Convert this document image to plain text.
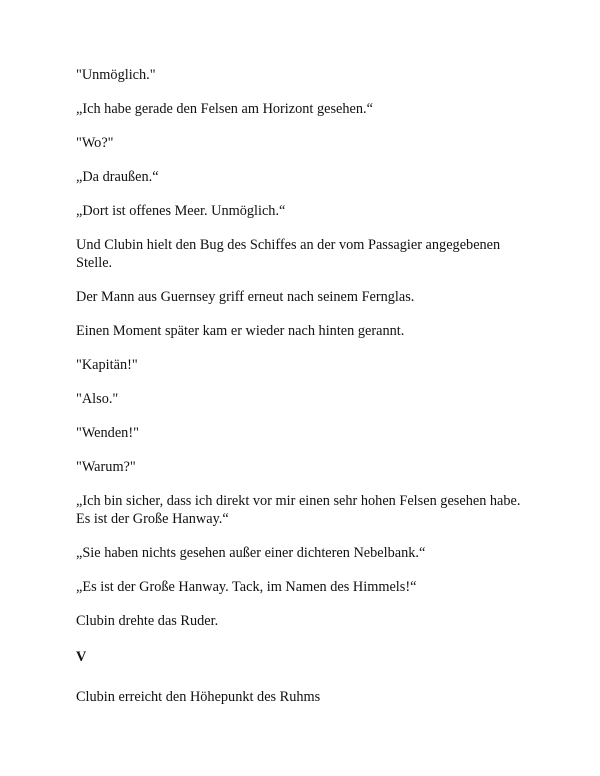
"Unmöglich."

„Ich habe gerade den Felsen am Horizont gesehen.“

"Wo?"

„Da draußen.“

„Dort ist offenes Meer. Unmöglich.“

Und Clubin hielt den Bug des Schiffes an der vom Passagier angegebenen Stelle.

Der Mann aus Guernsey griff erneut nach seinem Fernglas.

Einen Moment später kam er wieder nach hinten gerannt.

"Kapitän!"

"Also."

"Wenden!"

"Warum?"

„Ich bin sicher, dass ich direkt vor mir einen sehr hohen Felsen gesehen habe. Es ist der Große Hanway.“

„Sie haben nichts gesehen außer einer dichteren Nebelbank.“

„Es ist der Große Hanway. Tack, im Namen des Himmels!“

Clubin drehte das Ruder.

V

Clubin erreicht den Höhepunkt des Ruhms
